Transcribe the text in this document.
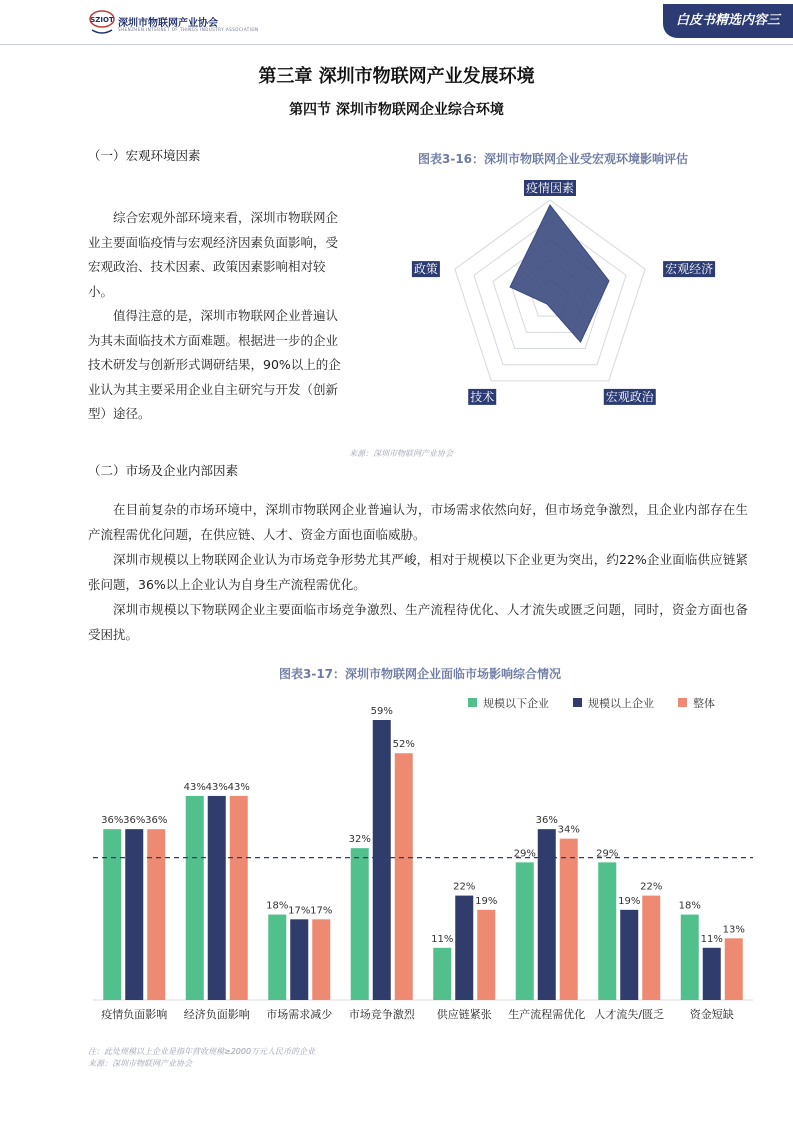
SZIOT 深圳市物联网产业协会
SHENZHEN INTERNET OF THINGS INDUSTRY ASSOCIATION
白皮书精选内容三
第三章 深圳市物联网产业发展环境
第四节 深圳市物联网企业综合环境
（一）宏观环境因素

综合宏观外部环境来看，深圳市物联网企业主要面临疫情与宏观经济因素负面影响，受宏观政治、技术因素、政策因素影响相对较小。

值得注意的是，深圳市物联网企业普遍认为其未面临技术方面难题。根据进一步的企业技术研发与创新形式调研结果，90%以上的企业认为其主要采用企业自主研究与开发（创新型）途径。

图表3-16：深圳市物联网企业受宏观环境影响评估
疫情因素
宏观经济
宏观政治
技术
政策
来源：深圳市物联网产业协会
（二）市场及企业内部因素

在目前复杂的市场环境中，深圳市物联网企业普遍认为，市场需求依然向好，但市场竞争激烈，且企业内部存在生产流程需优化问题，在供应链、人才、资金方面也面临威胁。

深圳市规模以上物联网企业认为市场竞争形势尤其严峻，相对于规模以下企业更为突出，约22%企业面临供应链紧张问题，36%以上企业认为自身生产流程需优化。

深圳市规模以下物联网企业主要面临市场竞争激烈、生产流程待优化、人才流失或匮乏问题，同时，资金方面也备受困扰。

图表3-17：深圳市物联网企业面临市场影响综合情况
规模以下企业	规模以上企业	整体
36% 36% 36%
疫情负面影响
43% 43% 43%
经济负面影响
18% 17% 17%
市场需求减少
32%
59%
52%
市场竞争激烈
11%
22%
19%
供应链紧张
29%
36%
34%
生产流程需优化
29%
19%
22%
人才流失/匮乏
18%
11%
13%
资金短缺
注：此处规模以上企业是指年营收规模≥2000万元人民币的企业
来源：深圳市物联网产业协会
